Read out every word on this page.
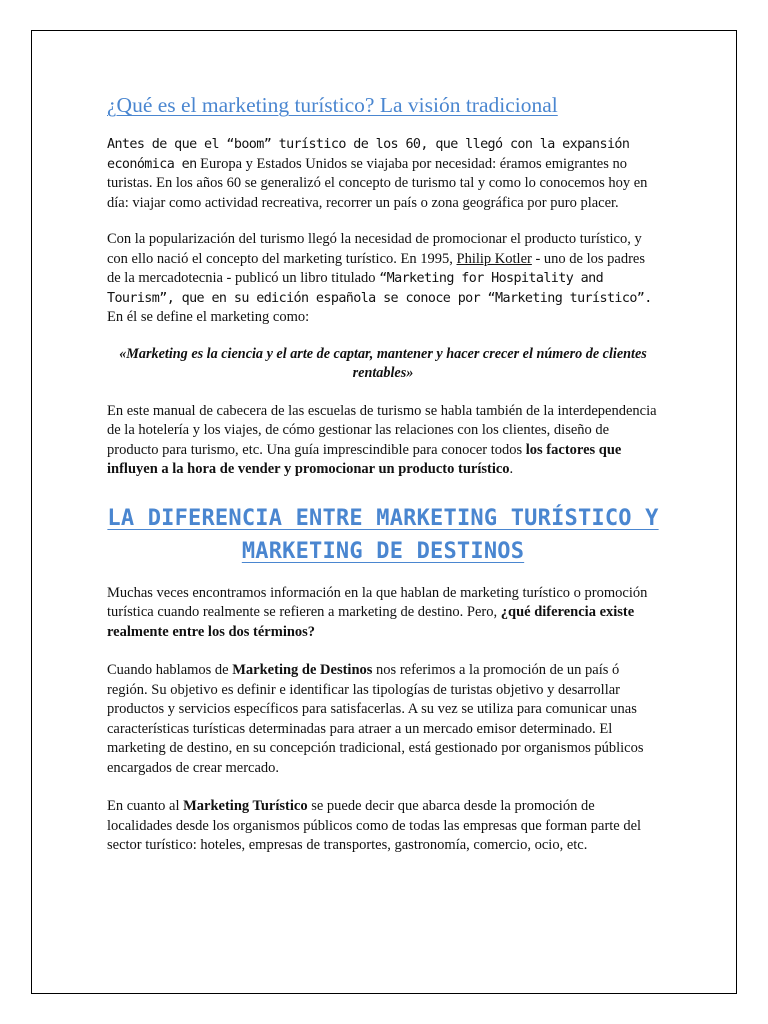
¿Qué es el marketing turístico? La visión tradicional

Antes de que el “boom” turístico de los 60, que llegó con la expansión económica en Europa y Estados Unidos se viajaba por necesidad: éramos emigrantes no turistas. En los años 60 se generalizó el concepto de turismo tal y como lo conocemos hoy en día: viajar como actividad recreativa, recorrer un país o zona geográfica por puro placer.

Con la popularización del turismo llegó la necesidad de promocionar el producto turístico, y con ello nació el concepto del marketing turístico. En 1995, Philip Kotler - uno de los padres de la mercadotecnia - publicó un libro titulado “Marketing for Hospitality and Tourism”, que en su edición española se conoce por “Marketing turístico”. En él se define el marketing como:

«Marketing es la ciencia y el arte de captar, mantener y hacer crecer el número de clientes rentables»

En este manual de cabecera de las escuelas de turismo se habla también de la interdependencia de la hotelería y los viajes, de cómo gestionar las relaciones con los clientes, diseño de producto para turismo, etc. Una guía imprescindible para conocer todos los factores que influyen a la hora de vender y promocionar un producto turístico.

LA DIFERENCIA ENTRE MARKETING TURÍSTICO Y MARKETING DE DESTINOS

Muchas veces encontramos información en la que hablan de marketing turístico o promoción turística cuando realmente se refieren a marketing de destino. Pero, ¿qué diferencia existe realmente entre los dos términos?

Cuando hablamos de Marketing de Destinos nos referimos a la promoción de un país ó región. Su objetivo es definir e identificar las tipologías de turistas objetivo y desarrollar productos y servicios específicos para satisfacerlas. A su vez se utiliza para comunicar unas características turísticas determinadas para atraer a un mercado emisor determinado. El marketing de destino, en su concepción tradicional, está gestionado por organismos públicos encargados de crear mercado.

En cuanto al Marketing Turístico se puede decir que abarca desde la promoción de localidades desde los organismos públicos como de todas las empresas que forman parte del sector turístico: hoteles, empresas de transportes, gastronomía, comercio, ocio, etc.
